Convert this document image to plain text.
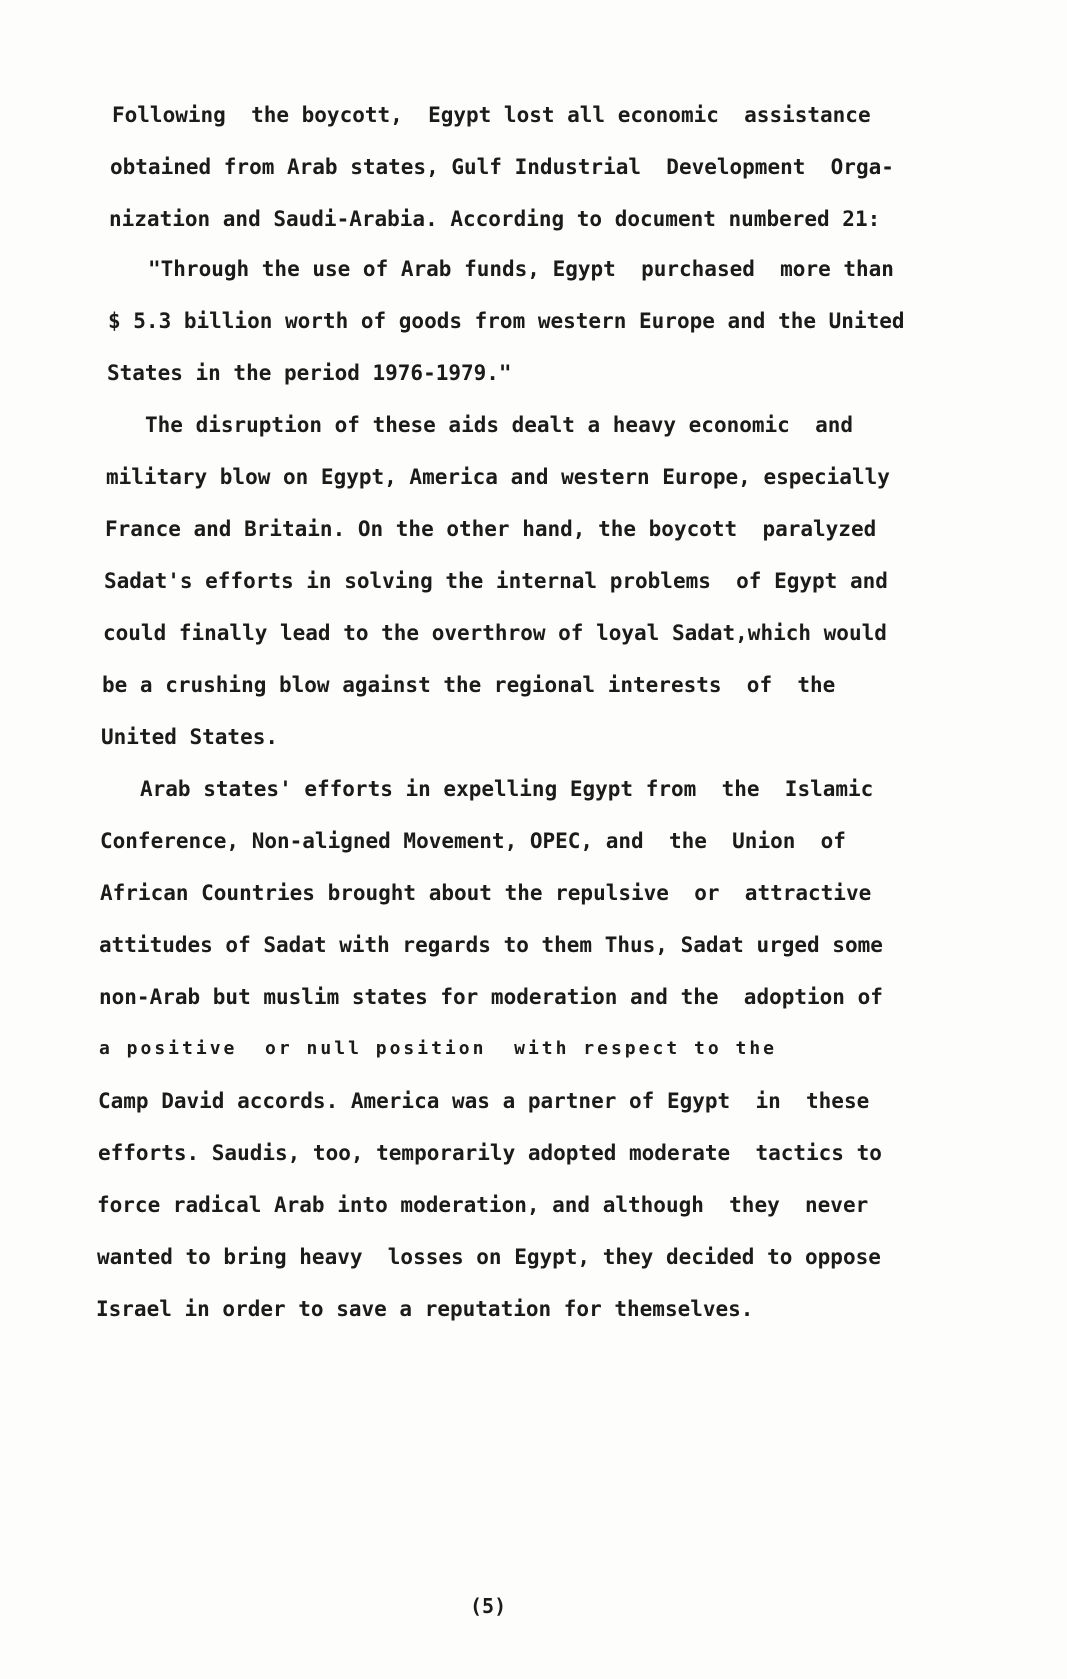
Following  the boycott,  Egypt lost all economic  assistance
obtained from Arab states, Gulf Industrial  Development  Orga-
nization and Saudi-Arabia. According to document numbered 21:
"Through the use of Arab funds, Egypt  purchased  more than
$ 5.3 billion worth of goods from western Europe and the United
States in the period 1976-1979."
The disruption of these aids dealt a heavy economic  and
military blow on Egypt, America and western Europe, especially
France and Britain. On the other hand, the boycott  paralyzed
Sadat's efforts in solving the internal problems  of Egypt and
could finally lead to the overthrow of loyal Sadat,which would
be a crushing blow against the regional interests  of  the
United States.
Arab states' efforts in expelling Egypt from  the  Islamic
Conference, Non-aligned Movement, OPEC, and  the  Union  of
African Countries brought about the repulsive  or  attractive
attitudes of Sadat with regards to them Thus, Sadat urged some
non-Arab but muslim states for moderation and the  adoption of
a positive  or null position  with respect to the
Camp David accords. America was a partner of Egypt  in  these
efforts. Saudis, too, temporarily adopted moderate  tactics to
force radical Arab into moderation, and although  they  never
wanted to bring heavy  losses on Egypt, they decided to oppose
Israel in order to save a reputation for themselves.
(5)
